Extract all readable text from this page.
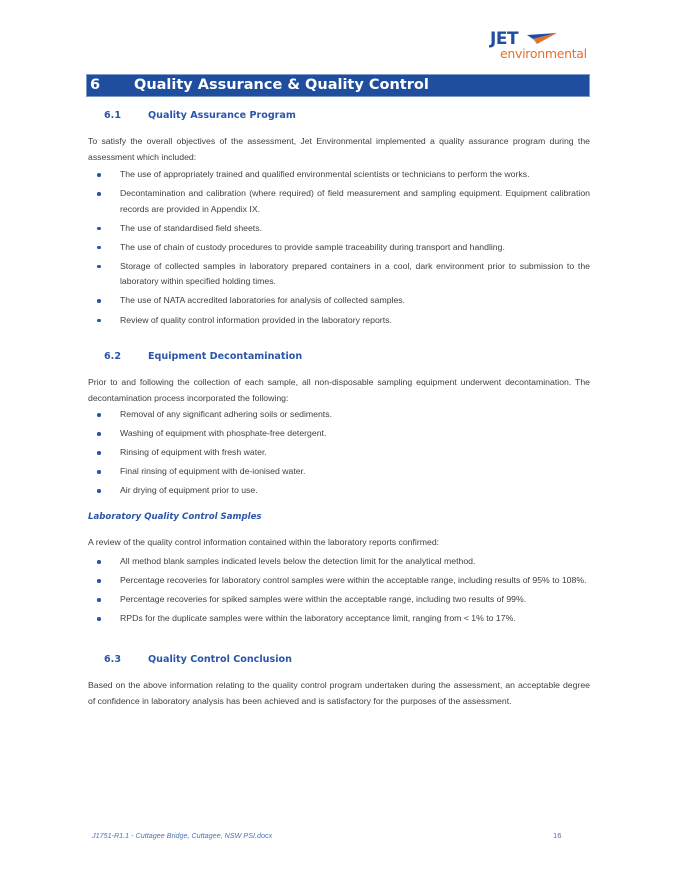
JET
environmental
6 Quality Assurance & Quality Control
6.1	Quality Assurance Program
To satisfy the overall objectives of the assessment, Jet Environmental implemented a quality assurance program during the assessment which included:
The use of appropriately trained and qualified environmental scientists or technicians to perform the works.
Decontamination and calibration (where required) of field measurement and sampling equipment. Equipment calibration records are provided in Appendix IX.
The use of standardised field sheets.
The use of chain of custody procedures to provide sample traceability during transport and handling.
Storage of collected samples in laboratory prepared containers in a cool, dark environment prior to submission to the laboratory within specified holding times.
The use of NATA accredited laboratories for analysis of collected samples.
Review of quality control information provided in the laboratory reports.
6.2	Equipment Decontamination
Prior to and following the collection of each sample, all non-disposable sampling equipment underwent decontamination. The decontamination process incorporated the following:
Removal of any significant adhering soils or sediments.
Washing of equipment with phosphate-free detergent.
Rinsing of equipment with fresh water.
Final rinsing of equipment with de-ionised water.
Air drying of equipment prior to use.
Laboratory Quality Control Samples
A review of the quality control information contained within the laboratory reports confirmed:
All method blank samples indicated levels below the detection limit for the analytical method.
Percentage recoveries for laboratory control samples were within the acceptable range, including results of 95% to 108%.
Percentage recoveries for spiked samples were within the acceptable range, including two results of 99%.
RPDs for the duplicate samples were within the laboratory acceptance limit, ranging from < 1% to 17%.
6.3	Quality Control Conclusion
Based on the above information relating to the quality control program undertaken during the assessment, an acceptable degree of confidence in laboratory analysis has been achieved and is satisfactory for the purposes of the assessment.
J1751-R1.1 - Cuttagee Bridge, Cuttagee, NSW PSI.docx	16
